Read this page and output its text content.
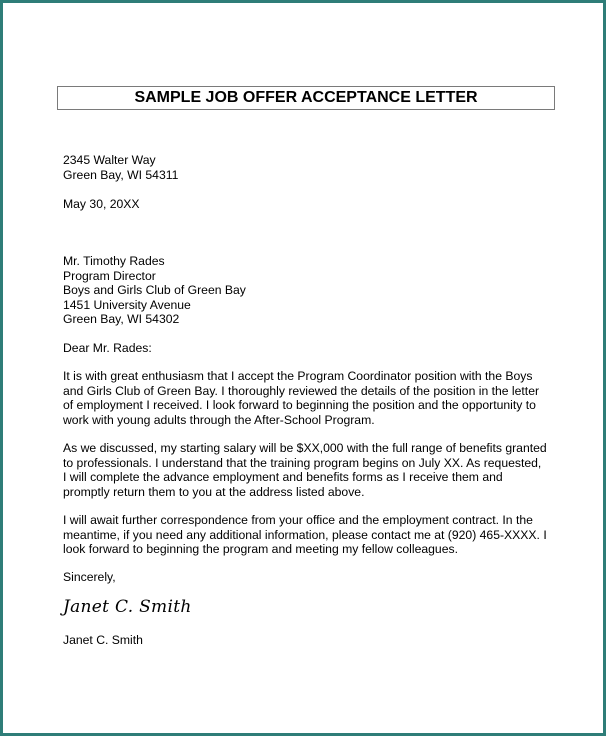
SAMPLE JOB OFFER ACCEPTANCE LETTER
2345 Walter Way
Green Bay, WI 54311
May 30, 20XX
Mr. Timothy Rades
Program Director
Boys and Girls Club of Green Bay
1451 University Avenue
Green Bay, WI 54302
Dear Mr. Rades:
It is with great enthusiasm that I accept the Program Coordinator position with the Boys
and Girls Club of Green Bay. I thoroughly reviewed the details of the position in the letter
of employment I received. I look forward to beginning the position and the opportunity to
work with young adults through the After-School Program.
As we discussed, my starting salary will be $XX,000 with the full range of benefits granted
to professionals. I understand that the training program begins on July XX. As requested,
I will complete the advance employment and benefits forms as I receive them and
promptly return them to you at the address listed above.
I will await further correspondence from your office and the employment contract. In the
meantime, if you need any additional information, please contact me at (920) 465-XXXX. I
look forward to beginning the program and meeting my fellow colleagues.
Sincerely,
Janet C. Smith
Janet C. Smith
